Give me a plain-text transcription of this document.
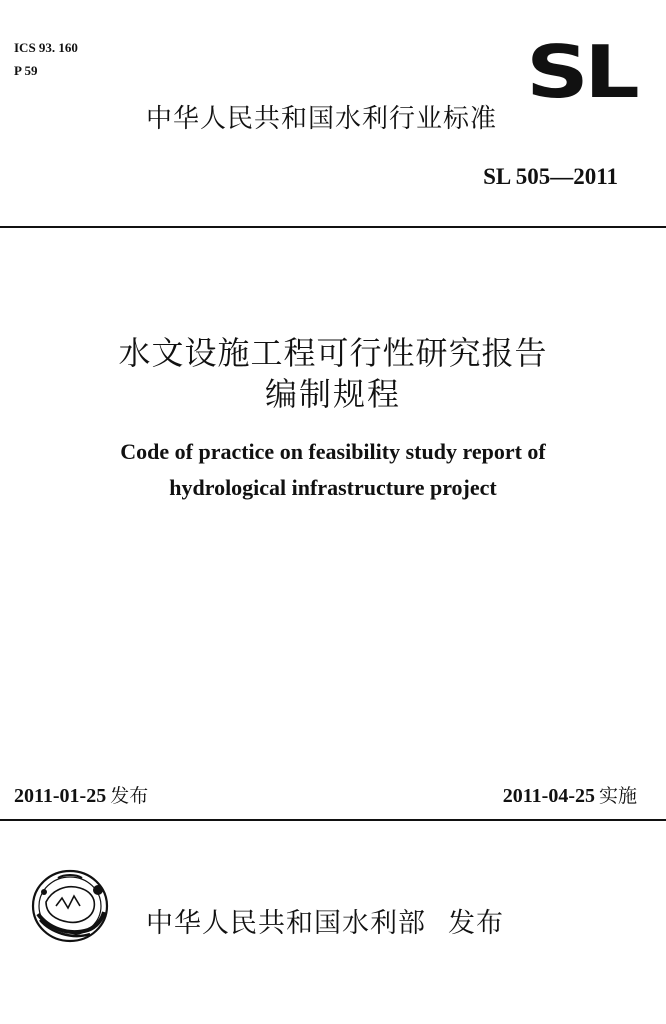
ICS 93. 160
P 59	SL
中华人民共和国水利行业标准
SL 505—2011
水文设施工程可行性研究报告
编制规程
Code of practice on feasibility study report of
hydrological infrastructure project
2011-01-25 发布	2011-04-25 实施
中华人民共和国水利部 发布
